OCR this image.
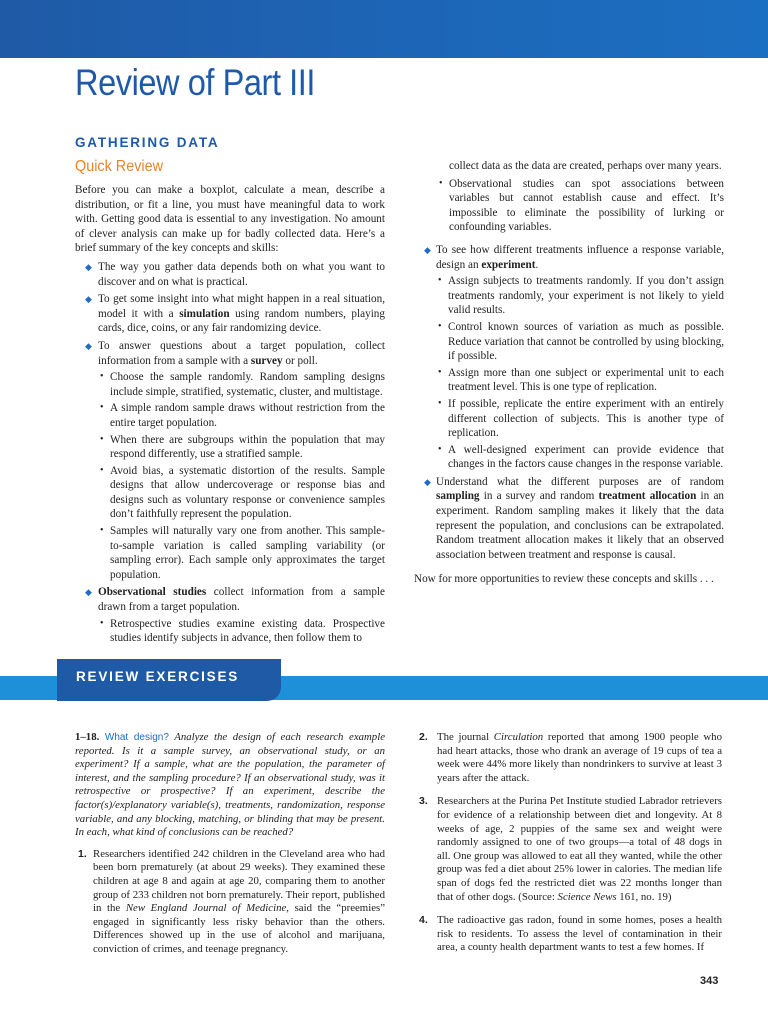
Review of Part III
GATHERING DATA
Quick Review

Before you can make a boxplot, calculate a mean, describe a distribution, or fit a line, you must have meaningful data to work with. Getting good data is essential to any investigation. No amount of clever analysis can make up for badly collected data. Here’s a brief summary of the key concepts and skills:

◆ The way you gather data depends both on what you want to discover and on what is practical.
◆ To get some insight into what might happen in a real situation, model it with a simulation using random numbers, playing cards, dice, coins, or any fair randomizing device.
◆ To answer questions about a target population, collect information from a sample with a survey or poll.
• Choose the sample randomly. Random sampling designs include simple, stratified, systematic, cluster, and multistage.
• A simple random sample draws without restriction from the entire target population.
• When there are subgroups within the population that may respond differently, use a stratified sample.
• Avoid bias, a systematic distortion of the results. Sample designs that allow undercoverage or response bias and designs such as voluntary response or convenience samples don’t faithfully represent the population.
• Samples will naturally vary one from another. This sample-to-sample variation is called sampling variability (or sampling error). Each sample only approximates the target population.
◆ Observational studies collect information from a sample drawn from a target population.
• Retrospective studies examine existing data. Prospective studies identify subjects in advance, then follow them to

collect data as the data are created, perhaps over many years.

• Observational studies can spot associations between variables but cannot establish cause and effect. It’s impossible to eliminate the possibility of lurking or confounding variables.
◆ To see how different treatments influence a response variable, design an experiment.
• Assign subjects to treatments randomly. If you don’t assign treatments randomly, your experiment is not likely to yield valid results.
• Control known sources of variation as much as possible. Reduce variation that cannot be controlled by using blocking, if possible.
• Assign more than one subject or experimental unit to each treatment level. This is one type of replication.
• If possible, replicate the entire experiment with an entirely different collection of subjects. This is another type of replication.
• A well-designed experiment can provide evidence that changes in the factors cause changes in the response variable.
◆ Understand what the different purposes are of random sampling in a survey and random treatment allocation in an experiment. Random sampling makes it likely that the data represent the population, and conclusions can be extrapolated. Random treatment allocation makes it likely that an observed association between treatment and response is causal.

Now for more opportunities to review these concepts and skills . . .

REVIEW EXERCISES

1–18. What design? Analyze the design of each research example reported. Is it a sample survey, an observational study, or an experiment? If a sample, what are the population, the parameter of interest, and the sampling procedure? If an observational study, was it retrospective or prospective? If an experiment, describe the factor(s)/explanatory variable(s), treatments, randomization, response variable, and any blocking, matching, or blinding that may be present. In each, what kind of conclusions can be reached?

1. Researchers identified 242 children in the Cleveland area who had been born prematurely (at about 29 weeks). They examined these children at age 8 and again at age 20, comparing them to another group of 233 children not born prematurely. Their report, published in the New England Journal of Medicine, said the “preemies” engaged in significantly less risky behavior than the others. Differences showed up in the use of alcohol and marijuana, conviction of crimes, and teenage pregnancy.
2. The journal Circulation reported that among 1900 people who had heart attacks, those who drank an average of 19 cups of tea a week were 44% more likely than nondrinkers to survive at least 3 years after the attack.
3. Researchers at the Purina Pet Institute studied Labrador retrievers for evidence of a relationship between diet and longevity. At 8 weeks of age, 2 puppies of the same sex and weight were randomly assigned to one of two groups—a total of 48 dogs in all. One group was allowed to eat all they wanted, while the other group was fed a diet about 25% lower in calories. The median life span of dogs fed the restricted diet was 22 months longer than that of other dogs. (Source: Science News 161, no. 19)
4. The radioactive gas radon, found in some homes, poses a health risk to residents. To assess the level of contamination in their area, a county health department wants to test a few homes. If

343
